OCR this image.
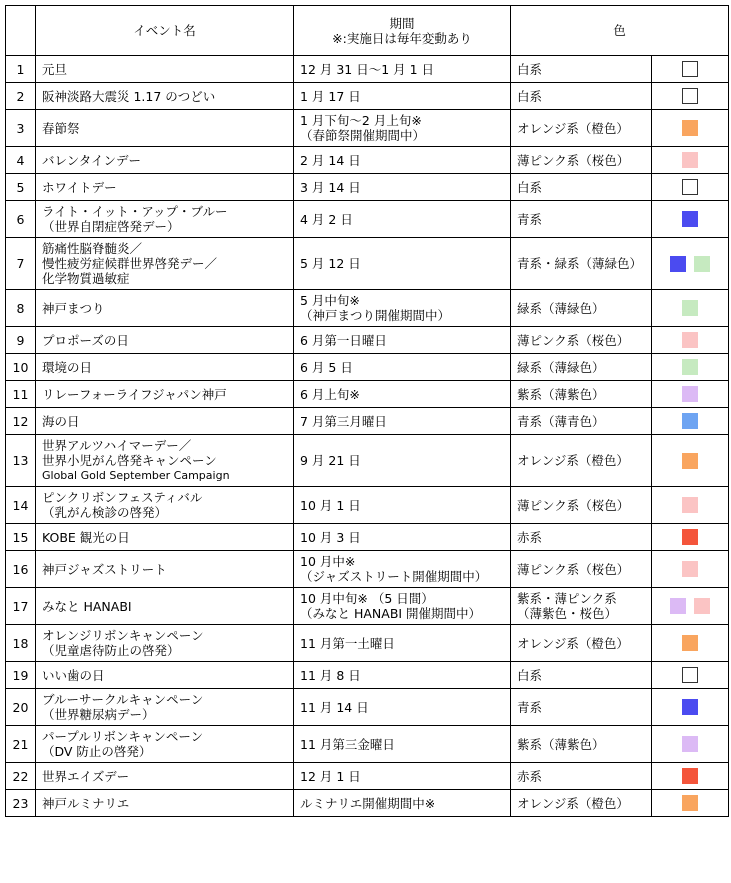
	イベント名	期間
※:実施日は毎年変動あり	色	
1	元旦	12 月 31 日～1 月 1 日	白系	

2	阪神淡路大震災 1.17 のつどい	1 月 17 日	白系	

3	春節祭	1 月下旬～2 月上旬※
（春節祭開催期間中）	オレンジ系（橙色）	

4	バレンタインデー	2 月 14 日	薄ピンク系（桜色）	

5	ホワイトデー	3 月 14 日	白系	

6	ライト・イット・アップ・ブルー
（世界自閉症啓発デー）	4 月 2 日	青系	

7	筋痛性脳脊髄炎／
慢性疲労症候群世界啓発デー／
化学物質過敏症	5 月 12 日	青系・緑系（薄緑色）	

8	神戸まつり	5 月中旬※
（神戸まつり開催期間中）	緑系（薄緑色）	

9	プロポーズの日	6 月第一日曜日	薄ピンク系（桜色）	

10	環境の日	6 月 5 日	緑系（薄緑色）	

11	リレーフォーライフジャパン神戸	6 月上旬※	紫系（薄紫色）	

12	海の日	7 月第三月曜日	青系（薄青色）	

13	世界アルツハイマーデー／
世界小児がん啓発キャンペーン
Global Gold September Campaign	9 月 21 日	オレンジ系（橙色）	

14	ピンクリボンフェスティバル
（乳がん検診の啓発）	10 月 1 日	薄ピンク系（桜色）	

15	KOBE 観光の日	10 月 3 日	赤系	

16	神戸ジャズストリート	10 月中※
（ジャズストリート開催期間中）	薄ピンク系（桜色）	

17	みなと HANABI	10 月中旬※ （5 日間）
（みなと HANABI 開催期間中）	紫系・薄ピンク系
（薄紫色・桜色）	

18	オレンジリボンキャンペーン
（児童虐待防止の啓発）	11 月第一土曜日	オレンジ系（橙色）	

19	いい歯の日	11 月 8 日	白系	

20	ブルーサークルキャンペーン
（世界糖尿病デー）	11 月 14 日	青系	

21	パープルリボンキャンペーン
（DV 防止の啓発）	11 月第三金曜日	紫系（薄紫色）	

22	世界エイズデー	12 月 1 日	赤系	

23	神戸ルミナリエ	ルミナリエ開催期間中※	オレンジ系（橙色）	
